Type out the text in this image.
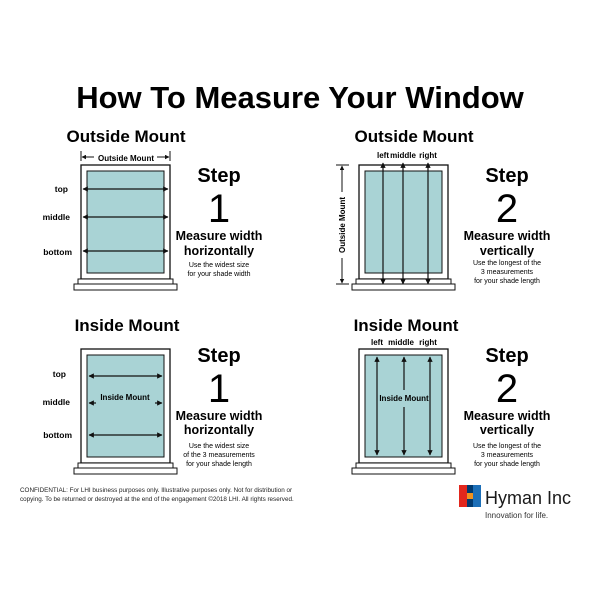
How To Measure Your Window
Outside Mount
Outside Mount
top
middle
bottom
Step
1
Measure width
horizontally
Use the widest size
for your shade width
Outside Mount
left middle right
Outside Mount
Step
2
Measure width
vertically
Use the longest of the
3 measurements
for your shade length
Inside Mount
Inside Mount
top
middle
bottom
Step
1
Measure width
horizontally
Use the widest size
of the 3 measurements
for your shade length
Inside Mount
left middle right
Inside Mount
Step
2
Measure width
vertically
Use the longest of the
3 measurements
for your shade length
CONFIDENTIAL: For LHI business purposes only. Illustrative purposes only. Not for distribution or
copying. To be returned or destroyed at the end of the engagement ©2018 LHI. All rights reserved.	Hyman Inc
Innovation for life.
